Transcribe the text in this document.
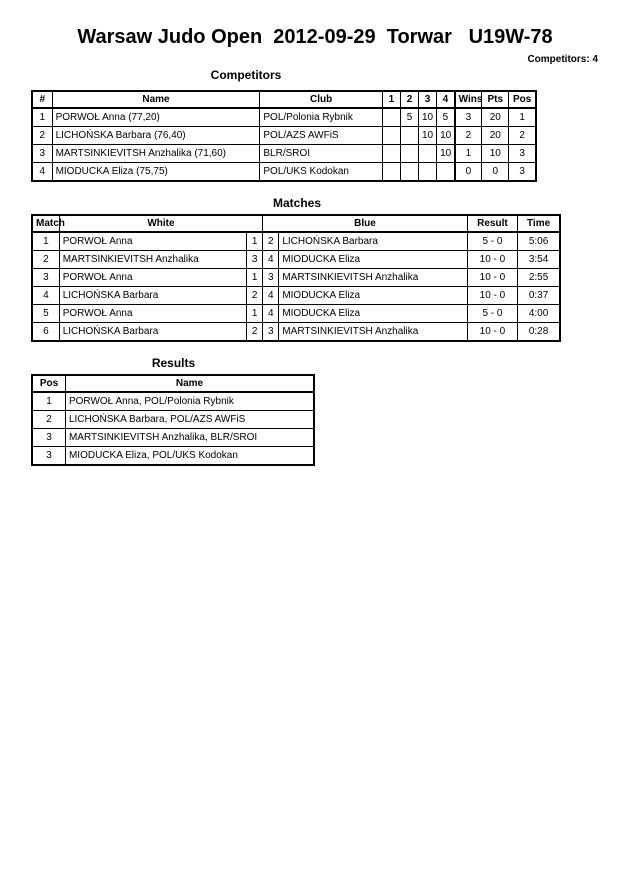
Warsaw Judo Open  2012-09-29  Torwar   U19W-78
Competitors: 4
Competitors
#	Name	Club	1	2	3	4	Wins	Pts	Pos
1	PORWOŁ Anna (77,20)	POL/Polonia Rybnik		5	10	5	3	20	1
2	LICHOŃSKA Barbara (76,40)	POL/AZS AWFiS			10	10	2	20	2
3	MARTSINKIEVITSH Anzhalika (71,60)	BLR/SROI				10	1	10	3
4	MIODUCKA Eliza (75,75)	POL/UKS Kodokan					0	0	3
Matches
Match	White		Blue		Result	Time
1	PORWOŁ Anna	1	2	LICHOŃSKA Barbara	5 - 0	5:06
2	MARTSINKIEVITSH Anzhalika	3	4	MIODUCKA Eliza	10 - 0	3:54
3	PORWOŁ Anna	1	3	MARTSINKIEVITSH Anzhalika	10 - 0	2:55
4	LICHOŃSKA Barbara	2	4	MIODUCKA Eliza	10 - 0	0:37
5	PORWOŁ Anna	1	4	MIODUCKA Eliza	5 - 0	4:00
6	LICHOŃSKA Barbara	2	3	MARTSINKIEVITSH Anzhalika	10 - 0	0:28
Results
Pos	Name
1	PORWOŁ Anna, POL/Polonia Rybnik
2	LICHOŃSKA Barbara, POL/AZS AWFiS
3	MARTSINKIEVITSH Anzhalika, BLR/SROI
3	MIODUCKA Eliza, POL/UKS Kodokan
